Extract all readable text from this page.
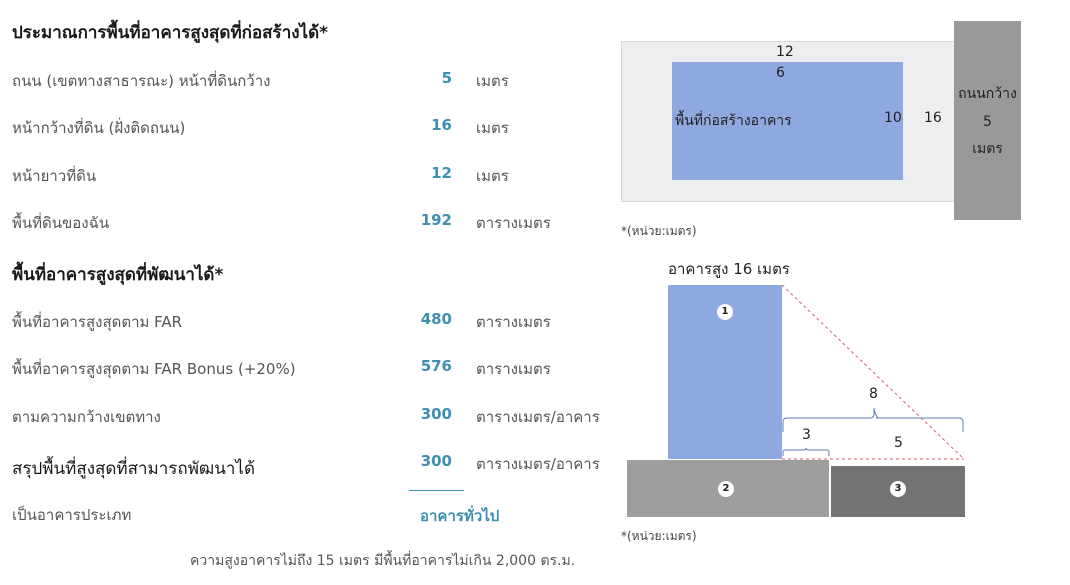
ประมาณการพื้นที่อาคารสูงสุดที่ก่อสร้างได้*
ถนน (เขตทางสาธารณะ) หน้าที่ดินกว้าง	5 เมตร
หน้ากว้างที่ดิน (ฝั่งติดถนน)	16 เมตร
หน้ายาวที่ดิน	12 เมตร
พื้นที่ดินของฉัน	192 ตารางเมตร
พื้นที่อาคารสูงสุดที่พัฒนาได้*
พื้นที่อาคารสูงสุดตาม FAR	480 ตารางเมตร
พื้นที่อาคารสูงสุดตาม FAR Bonus (+20%)	576 ตารางเมตร
ตามความกว้างเขตทาง	300 ตารางเมตร/อาคาร
สรุปพื้นที่สูงสุดที่สามารถพัฒนาได้	300 ตารางเมตร/อาคาร
เป็นอาคารประเภท	อาคารทั่วไป
ความสูงอาคารไม่ถึง 15 เมตร มีพื้นที่อาคารไม่เกิน 2,000 ตร.ม.
12
6
พื้นที่ก่อสร้างอาคาร	10 16
ถนนกว้าง
5
เมตร
*(หน่วย:เมตร)
อาคารสูง 16 เมตร
1
2	3
8
3	5
*(หน่วย:เมตร)
